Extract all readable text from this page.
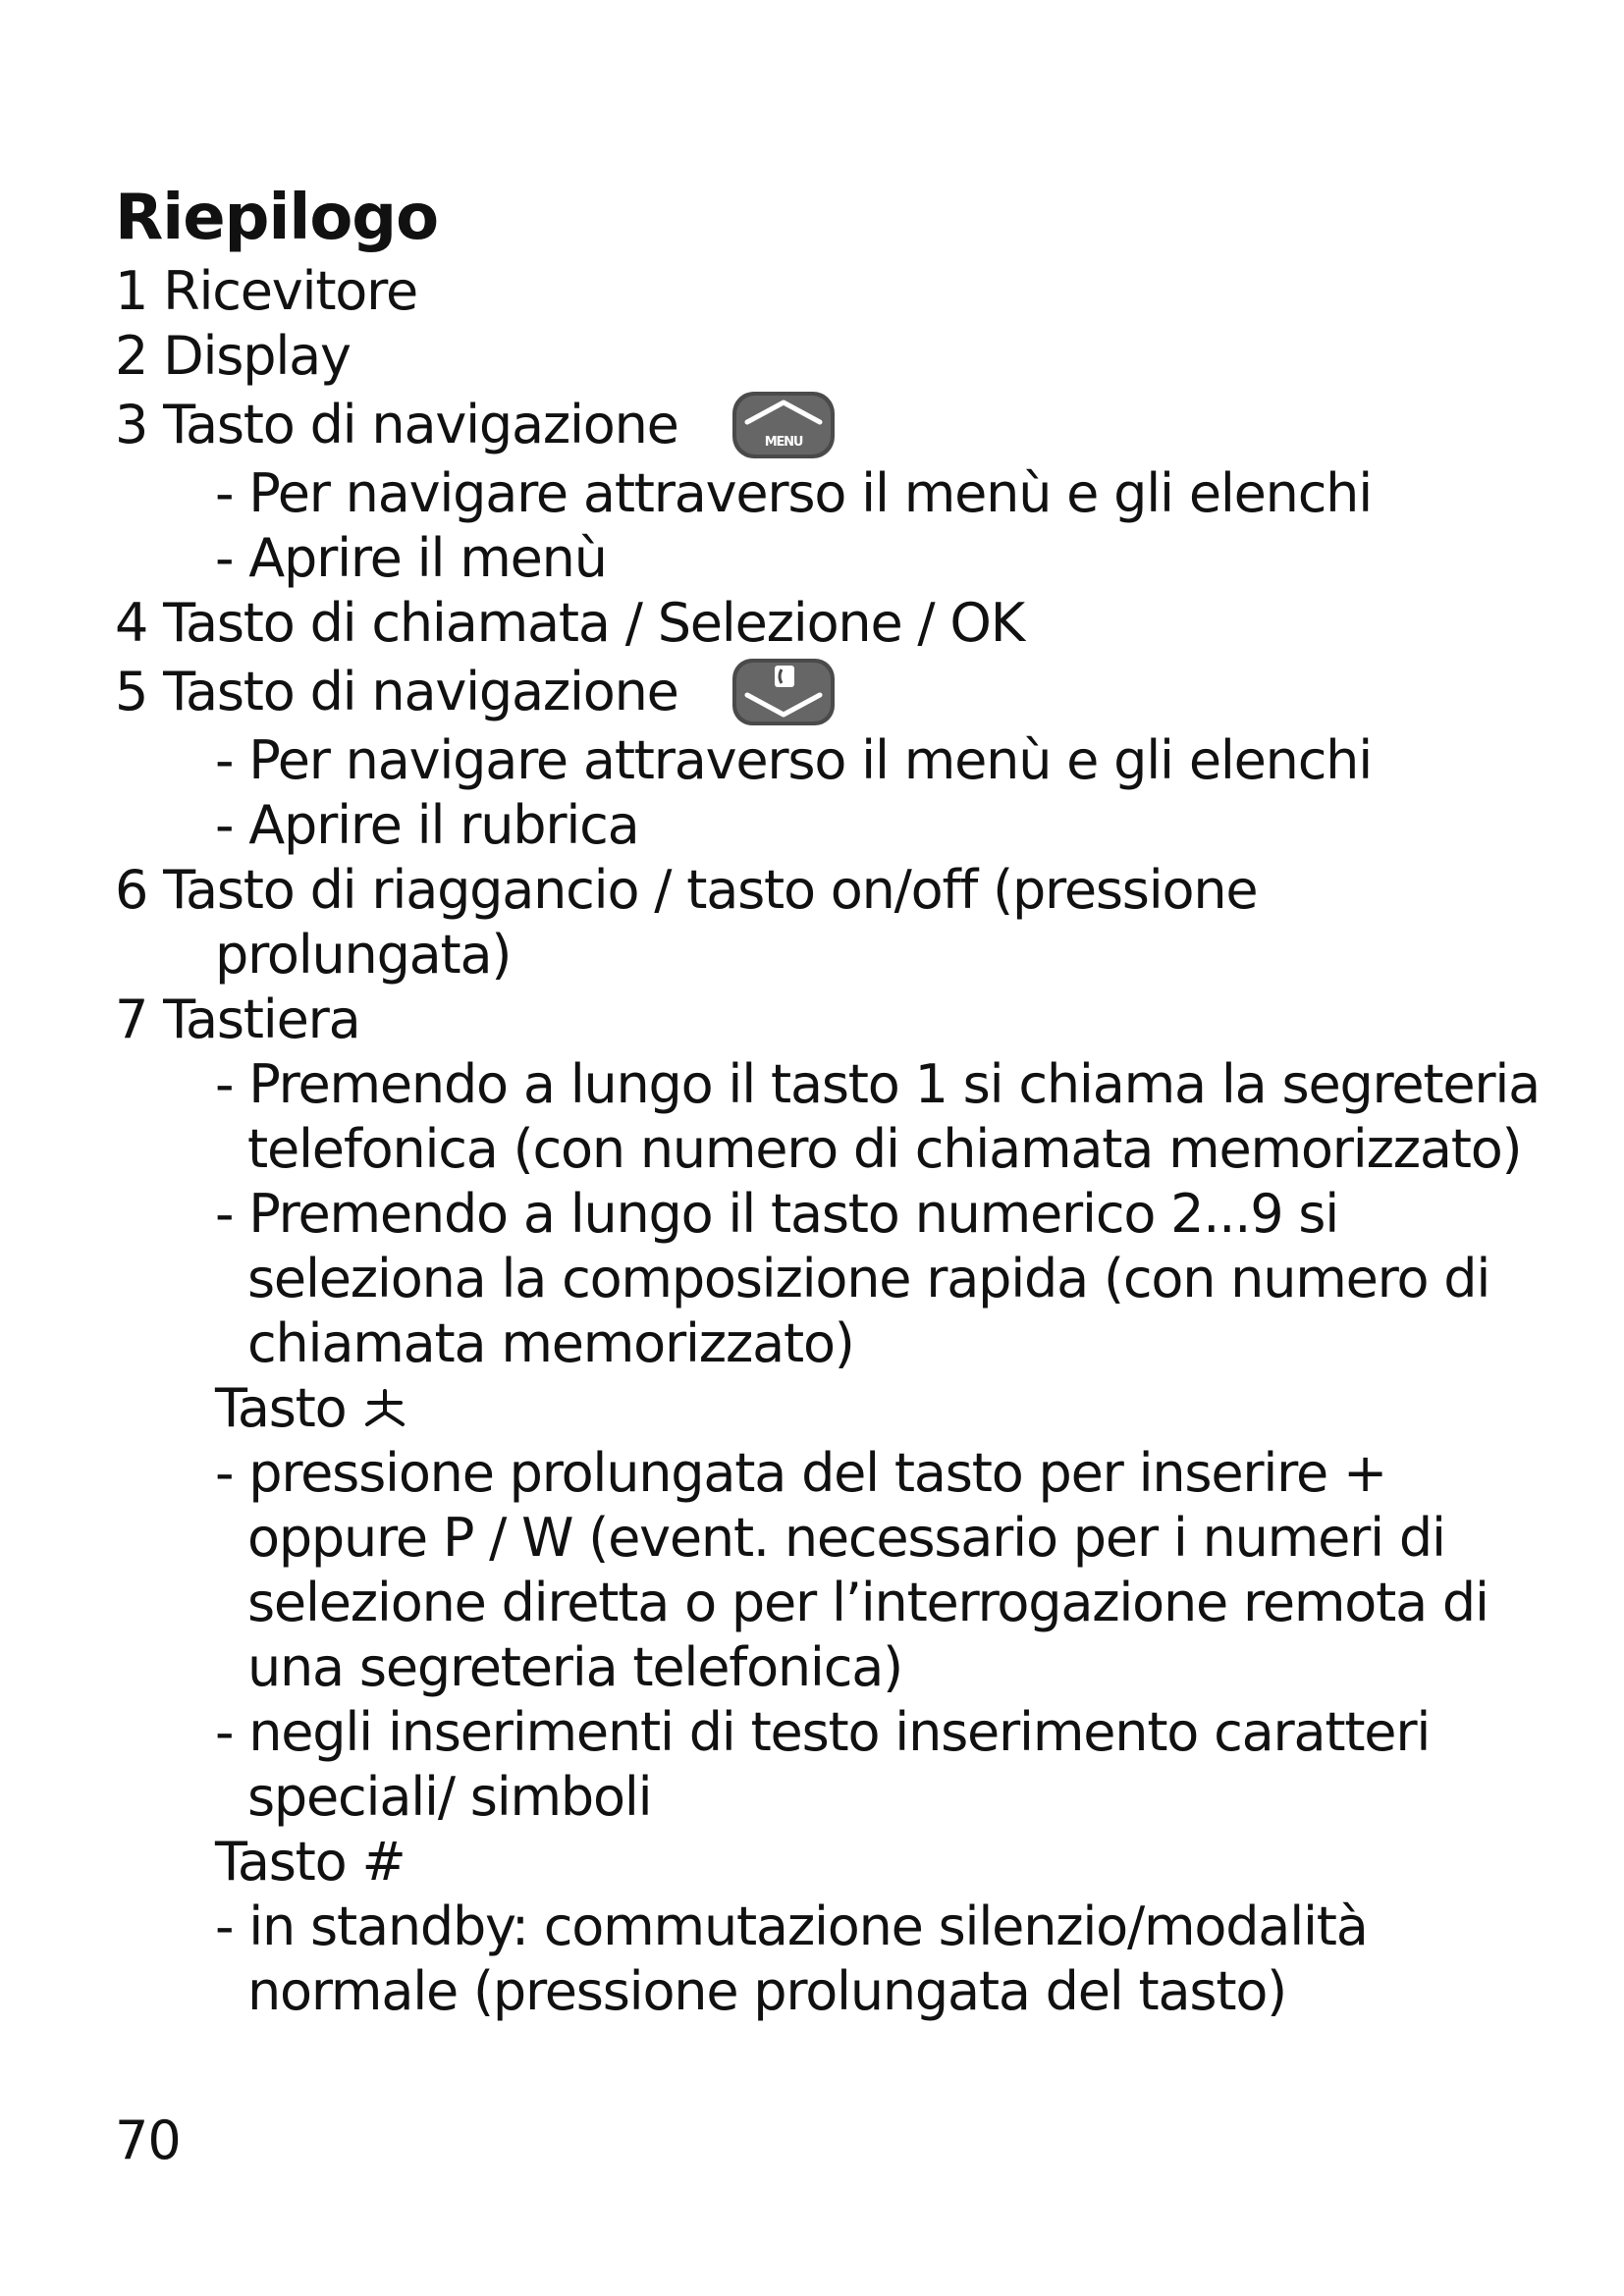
Riepilogo
1 Ricevitore
2 Display
3 Tasto di navigazione	MENU
- Per navigare attraverso il menù e gli elenchi
- Aprire il menù
4 Tasto di chiamata / Selezione / OK
5 Tasto di navigazione
- Per navigare attraverso il menù e gli elenchi
- Aprire il rubrica
6 Tasto di riaggancio / tasto on/off (pressione
prolungata)
7 Tastiera
- Premendo a lungo il tasto 1 si chiama la segreteria
telefonica (con numero di chiamata memorizzato)
- Premendo a lungo il tasto numerico 2...9 si
seleziona la composizione rapida (con numero di
chiamata memorizzato)
Tasto
- pressione prolungata del tasto per inserire +
oppure P / W (event. necessario per i numeri di
selezione diretta o per l’interrogazione remota di
una segreteria telefonica)
- negli inserimenti di testo inserimento caratteri
speciali/ simboli
Tasto #
- in standby: commutazione silenzio/modalità
normale (pressione prolungata del tasto)
70
